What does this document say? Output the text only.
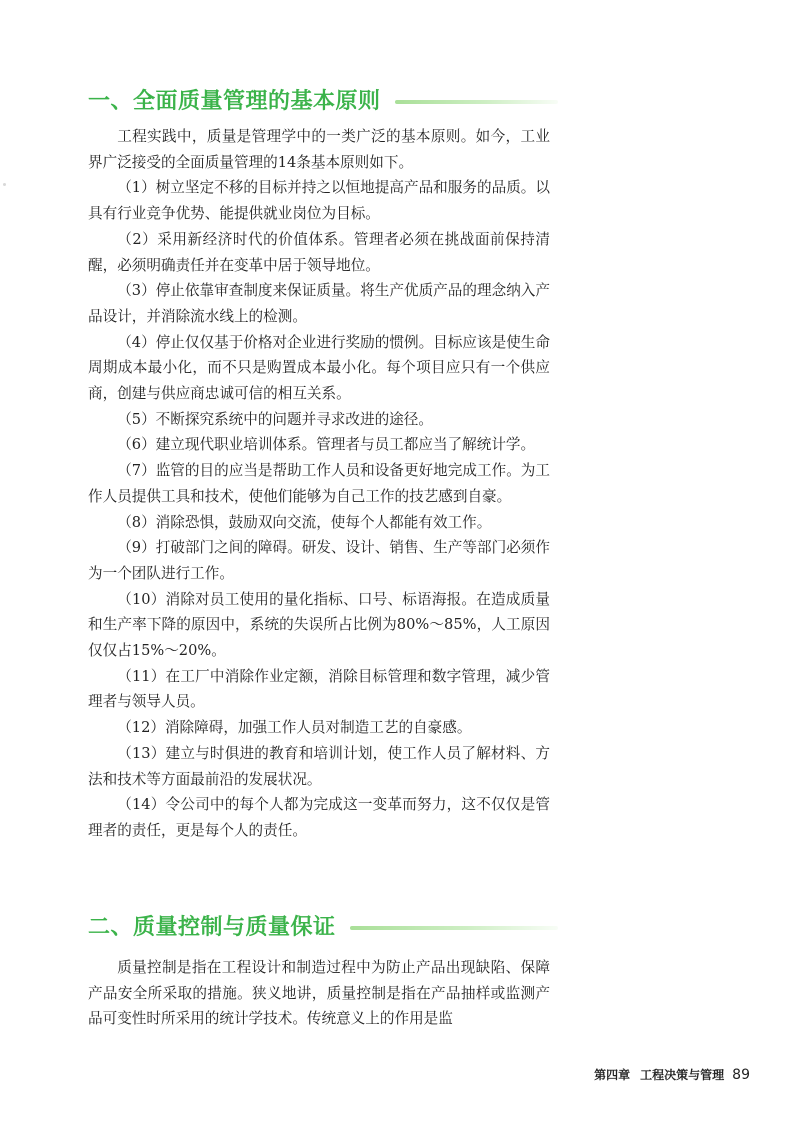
一、全面质量管理的基本原则

工程实践中，质量是管理学中的一类广泛的基本原则。如今，工业界广泛接受的全面质量管理的14条基本原则如下。

（1）树立坚定不移的目标并持之以恒地提高产品和服务的品质。以具有行业竞争优势、能提供就业岗位为目标。

（2）采用新经济时代的价值体系。管理者必须在挑战面前保持清醒，必须明确责任并在变革中居于领导地位。

（3）停止依靠审查制度来保证质量。将生产优质产品的理念纳入产品设计，并消除流水线上的检测。

（4）停止仅仅基于价格对企业进行奖励的惯例。目标应该是使生命周期成本最小化，而不只是购置成本最小化。每个项目应只有一个供应商，创建与供应商忠诚可信的相互关系。

（5）不断探究系统中的问题并寻求改进的途径。

（6）建立现代职业培训体系。管理者与员工都应当了解统计学。

（7）监管的目的应当是帮助工作人员和设备更好地完成工作。为工作人员提供工具和技术，使他们能够为自己工作的技艺感到自豪。

（8）消除恐惧，鼓励双向交流，使每个人都能有效工作。

（9）打破部门之间的障碍。研发、设计、销售、生产等部门必须作为一个团队进行工作。

（10）消除对员工使用的量化指标、口号、标语海报。在造成质量和生产率下降的原因中，系统的失误所占比例为80%～85%，人工原因仅仅占15%～20%。

（11）在工厂中消除作业定额，消除目标管理和数字管理，减少管理者与领导人员。

（12）消除障碍，加强工作人员对制造工艺的自豪感。

（13）建立与时俱进的教育和培训计划，使工作人员了解材料、方法和技术等方面最前沿的发展状况。

（14）令公司中的每个人都为完成这一变革而努力，这不仅仅是管理者的责任，更是每个人的责任。

二、质量控制与质量保证

质量控制是指在工程设计和制造过程中为防止产品出现缺陷、保障产品安全所采取的措施。狭义地讲，质量控制是指在产品抽样或监测产品可变性时所采用的统计学技术。传统意义上的作用是监

第四章 工程决策与管理 89
